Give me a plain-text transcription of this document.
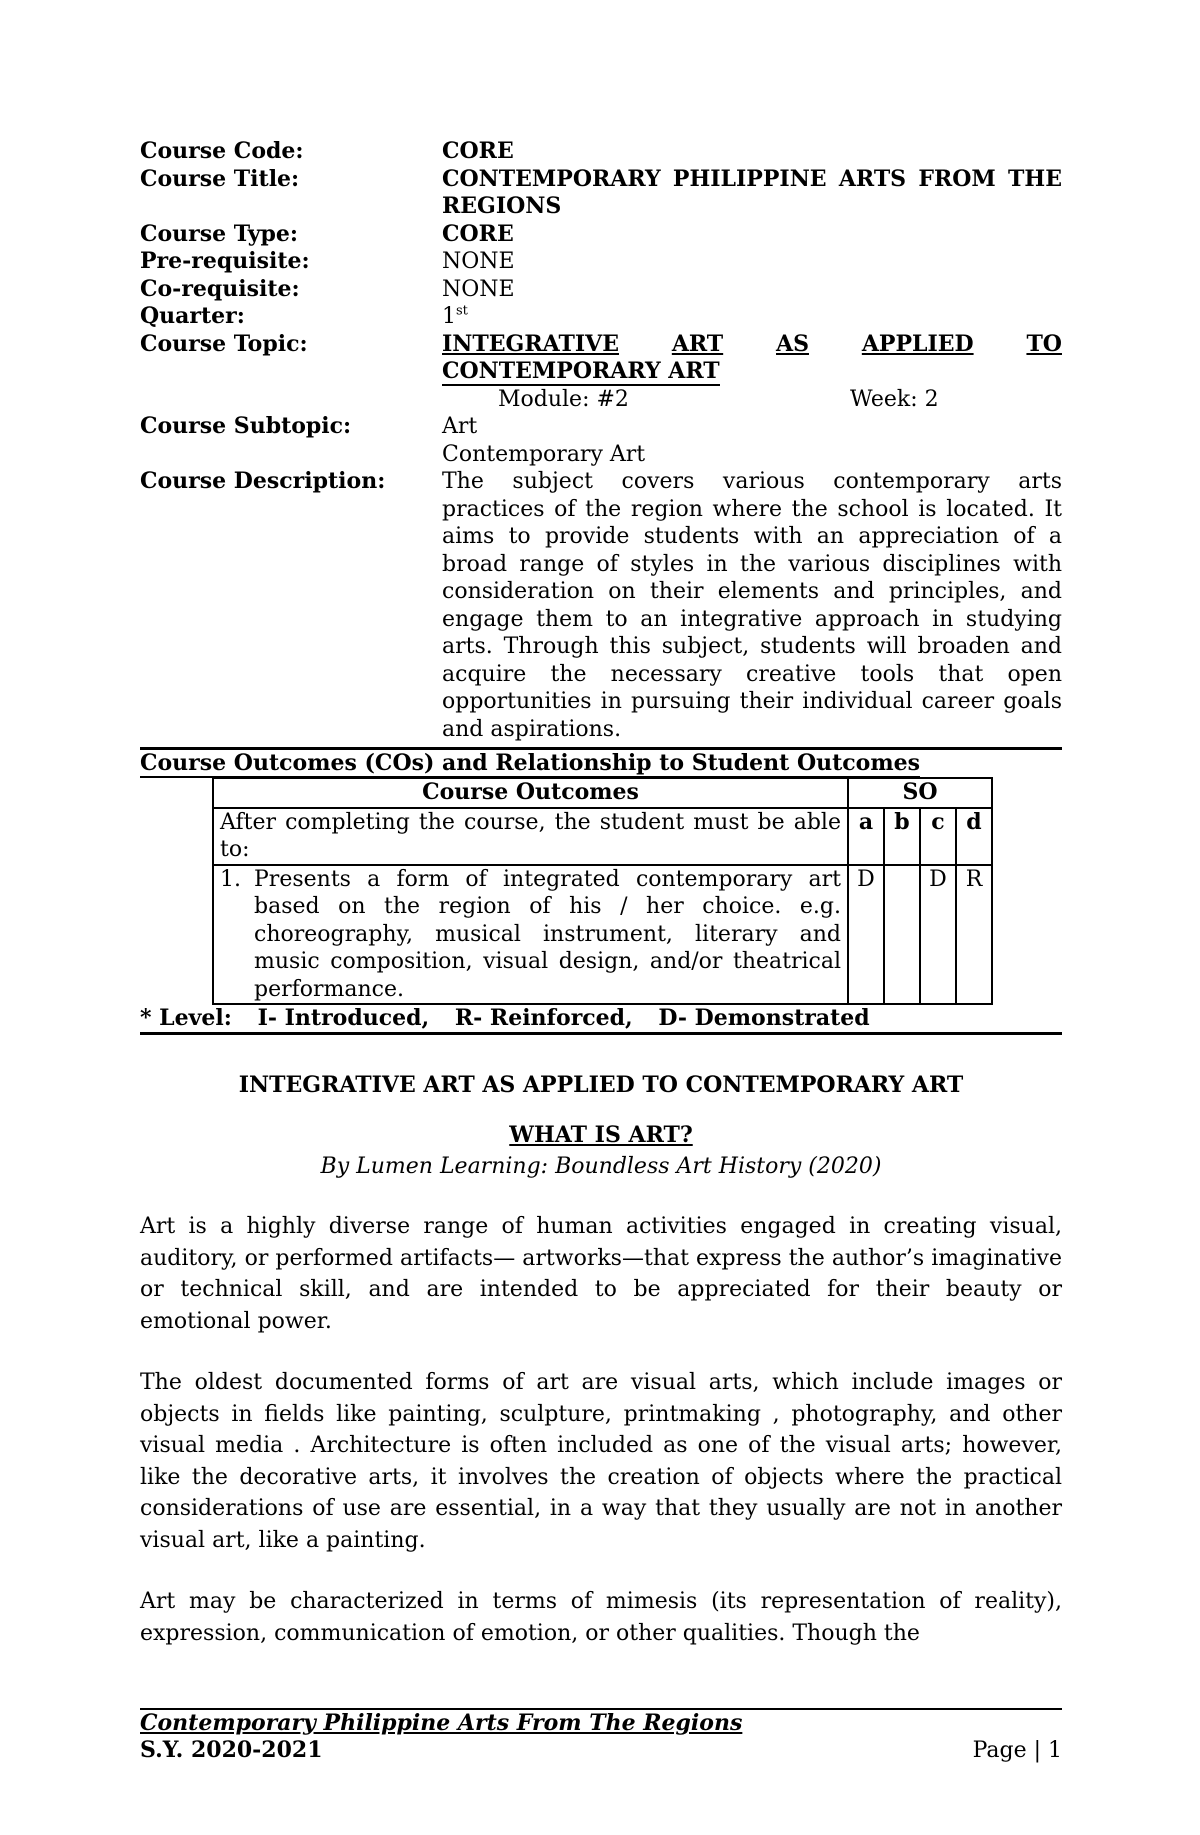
Course Code:	CORE
Course Title:	CONTEMPORARY PHILIPPINE ARTS FROM THE REGIONS
Course Type:	CORE
Pre-requisite:	NONE
Co-requisite:	NONE
Quarter:	1st
Course Topic:	INTEGRATIVE ART AS APPLIED TO
CONTEMPORARY ART
Module: #2	Week: 2
Course Subtopic:	Art
Contemporary Art
Course Description:	The subject covers various contemporary arts practices of the region where the school is located. It aims to provide students with an appreciation of a broad range of styles in the various disciplines with consideration on their elements and principles, and engage them to an integrative approach in studying arts. Through this subject, students will broaden and acquire the necessary creative tools that open opportunities in pursuing their individual career goals and aspirations.
Course Outcomes (COs) and Relationship to Student Outcomes
Course Outcomes	SO			
After completing the course, the student must be able to:	a	b	c	d

1. Presents a form of integrated contemporary art based on the region of his / her choice. e.g. choreography, musical instrument, literary and music composition, visual design, and/or theatrical performance.	D		D	R
* Level: I- Introduced, R- Reinforced, D- Demonstrated
INTEGRATIVE ART AS APPLIED TO CONTEMPORARY ART
WHAT IS ART?
By Lumen Learning: Boundless Art History (2020)

Art is a highly diverse range of human activities engaged in creating visual, auditory, or performed artifacts— artworks—that express the author’s imaginative or technical skill, and are intended to be appreciated for their beauty or emotional power.

The oldest documented forms of art are visual arts, which include images or objects in fields like painting, sculpture, printmaking , photography, and other visual media . Architecture is often included as one of the visual arts; however, like the decorative arts, it involves the creation of objects where the practical considerations of use are essential, in a way that they usually are not in another visual art, like a painting.

Art may be characterized in terms of mimesis (its representation of reality), expression, communication of emotion, or other qualities. Though the

Contemporary Philippine Arts From The Regions
S.Y. 2020-2021	Page | 1
